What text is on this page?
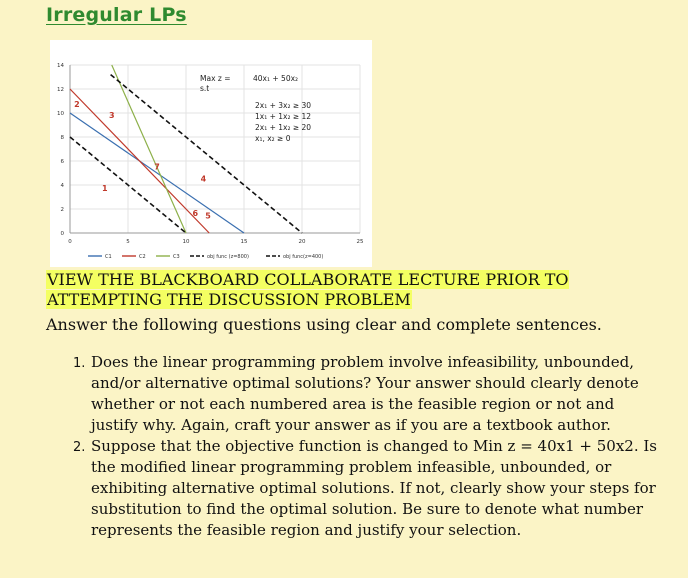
Irregular LPs
0	5	10	15	20	25
0
2
4
6
8
10
12
14
1
2
3
4
5
6
7
Max z =	40x₁ + 50x₂
s.t
2x₁ + 3x₂ ≥ 30
1x₁ + 1x₂ ≥ 12
2x₁ + 1x₂ ≥ 20
x₁, x₂ ≥ 0
C1	C2	C3	obj func (z=800)	obj func(z=400)
VIEW THE BLACKBOARD COLLABORATE LECTURE PRIOR TO
ATTEMPTING THE DISCUSSION PROBLEM
Answer the following questions using clear and complete sentences.
1. Does the linear programming problem involve infeasibility, unbounded, and/or alternative optimal solutions? Your answer should clearly denote whether or not each numbered area is the feasible region or not and justify why. Again, craft your answer as if you are a textbook author.
2. Suppose that the objective function is changed to Min z = 40x1 + 50x2. Is the modified linear programming problem infeasible, unbounded, or exhibiting alternative optimal solutions. If not, clearly show your steps for substitution to find the optimal solution. Be sure to denote what number represents the feasible region and justify your selection.
